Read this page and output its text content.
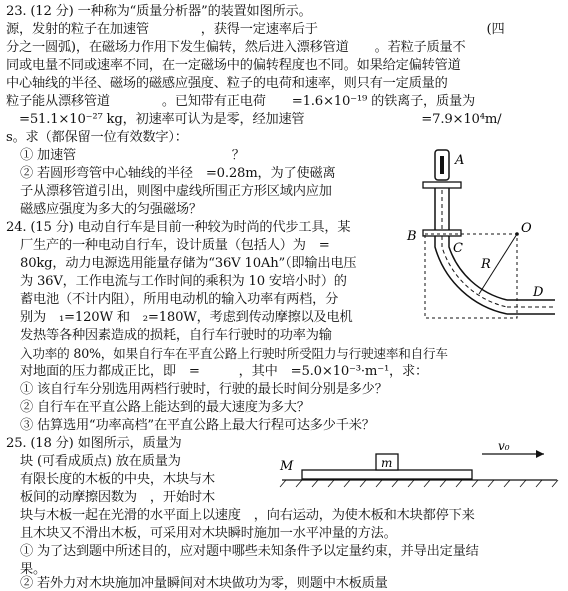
23. (12 分) 一种称为“质量分析器”的装置如图所示。
源，发射的粒子在加速管　　　　，获得一定速率后于　　　　　　　　　　　　　(四
分之一圆弧)，在磁场力作用下发生偏转，然后进入漂移管道　　。若粒子质量不
同或电量不同或速率不同，在一定磁场中的偏转程度也不同。如果给定偏转管道
中心轴线的半径、磁场的磁感应强度、粒子的电荷和速率，则只有一定质量的
粒子能从漂移管道　　　　。已知带有正电荷　　=1.6×10⁻¹⁹ 的铁离子，质量为
　=51.1×10⁻²⁷ kg，初速率可认为是零，经加速管　　　　　　　　　=7.9×10⁴m/
s。求（都保留一位有效数字）：
① 加速管　　　　　　　　　　　　？
② 若圆形弯管中心轴线的半径　=0.28m，为了使磁离
子从漂移管道引出，则图中虚线所围正方形区域内应加
磁感应强度为多大的匀强磁场？
24. (15 分) 电动自行车是目前一种较为时尚的代步工具，某
厂生产的一种电动自行车，设计质量（包括人）为　=
80kg，动力电源选用能量存储为“36V 10Ah”（即输出电压
为 36V，工作电流与工作时间的乘积为 10 安培小时）的
蓄电池（不计内阻），所用电动机的输入功率有两档，分
别为　₁=120W 和　₂=180W，考虑到传动摩擦以及电机
发热等各种因素造成的损耗，自行车行驶时的功率为输
入功率的 80%，如果自行车在平直公路上行驶时所受阻力与行驶速率和自行车
对地面的压力都成正比，即　=　　　，其中　=5.0×10⁻³·m⁻¹，求：
① 该自行车分别选用两档行驶时，行驶的最长时间分别是多少？
② 自行车在平直公路上能达到的最大速度为多大？
③ 估算选用“功率高档”在平直公路上最大行程可达多少千米？
25. (18 分) 如图所示，质量为
块 (可看成质点) 放在质量为
有限长度的木板的中央，木块与木
板间的动摩擦因数为　，开始时木
块与木板一起在光滑的水平面上以速度　，向右运动，为使木板和木块都停下来
且木块又不滑出木板，可采用对木块瞬时施加一水平冲量的方法。
① 为了达到题中所述目的，应对题中哪些未知条件予以定量约束，并导出定量结
果。
② 若外力对木块施加冲量瞬间对木块做功为零，则题中木板质量
A
B
C
O
R
D
m
M
v₀
